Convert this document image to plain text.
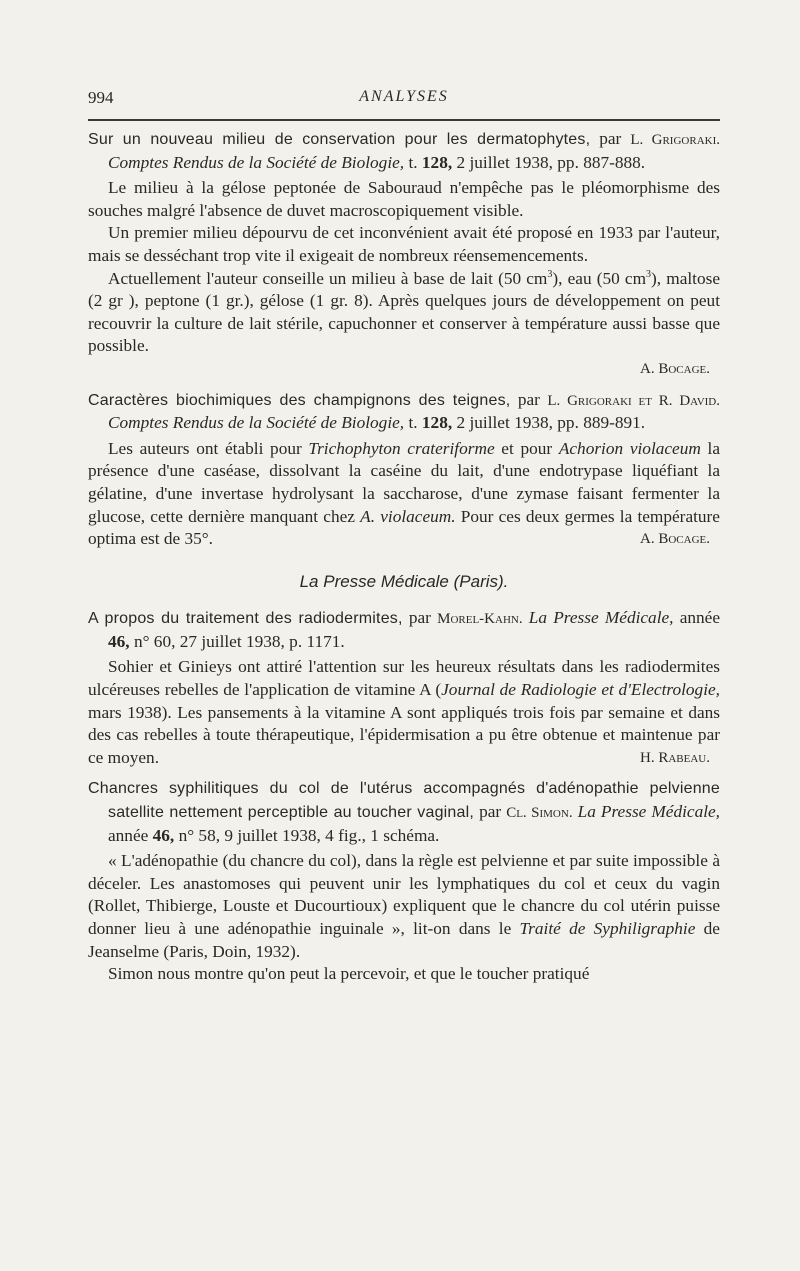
994	ANALYSES

Sur un nouveau milieu de conservation pour les dermatophytes, par L. Grigoraki. Comptes Rendus de la Société de Biologie, t. 128, 2 juillet 1938, pp. 887-888.

Le milieu à la gélose peptonée de Sabouraud n'empêche pas le pléomorphisme des souches malgré l'absence de duvet macroscopiquement visible.

Un premier milieu dépourvu de cet inconvénient avait été proposé en 1933 par l'auteur, mais se desséchant trop vite il exigeait de nombreux réensemencements.

Actuellement l'auteur conseille un milieu à base de lait (50 $cm^3$), eau (50 $cm^3$), maltose (2 gr ), peptone (1 gr.), gélose (1 gr. 8). Après quelques jours de développement on peut recouvrir la culture de lait stérile, capuchonner et conserver à température aussi basse que possible.

A. Bocage.

Caractères biochimiques des champignons des teignes, par L. Grigoraki et R. David. Comptes Rendus de la Société de Biologie, t. 128, 2 juillet 1938, pp. 889-891.

Les auteurs ont établi pour Trichophyton crateriforme et pour Achorion violaceum la présence d'une caséase, dissolvant la caséine du lait, d'une endotrypase liquéfiant la gélatine, d'une invertase hydrolysant la saccharose, d'une zymase faisant fermenter la glucose, cette dernière manquant chez A. violaceum. Pour ces deux germes la température optima est de 35°.	A. Bocage.

La Presse Médicale (Paris).

A propos du traitement des radiodermites, par Morel-Kahn. La Presse Médicale, année 46, n° 60, 27 juillet 1938, p. 1171.

Sohier et Ginieys ont attiré l'attention sur les heureux résultats dans les radiodermites ulcéreuses rebelles de l'application de vitamine A (Journal de Radiologie et d'Electrologie, mars 1938). Les pansements à la vitamine A sont appliqués trois fois par semaine et dans des cas rebelles à toute thérapeutique, l'épidermisation a pu être obtenue et maintenue par ce moyen.	H. Rabeau.

Chancres syphilitiques du col de l'utérus accompagnés d'adénopathie pelvienne satellite nettement perceptible au toucher vaginal, par Cl. Simon. La Presse Médicale, année 46, n° 58, 9 juillet 1938, 4 fig., 1 schéma.

« L'adénopathie (du chancre du col), dans la règle est pelvienne et par suite impossible à déceler. Les anastomoses qui peuvent unir les lymphatiques du col et ceux du vagin (Rollet, Thibierge, Louste et Ducourtioux) expliquent que le chancre du col utérin puisse donner lieu à une adénopathie inguinale », lit-on dans le Traité de Syphiligraphie de Jeanselme (Paris, Doin, 1932).

Simon nous montre qu'on peut la percevoir, et que le toucher pratiqué
